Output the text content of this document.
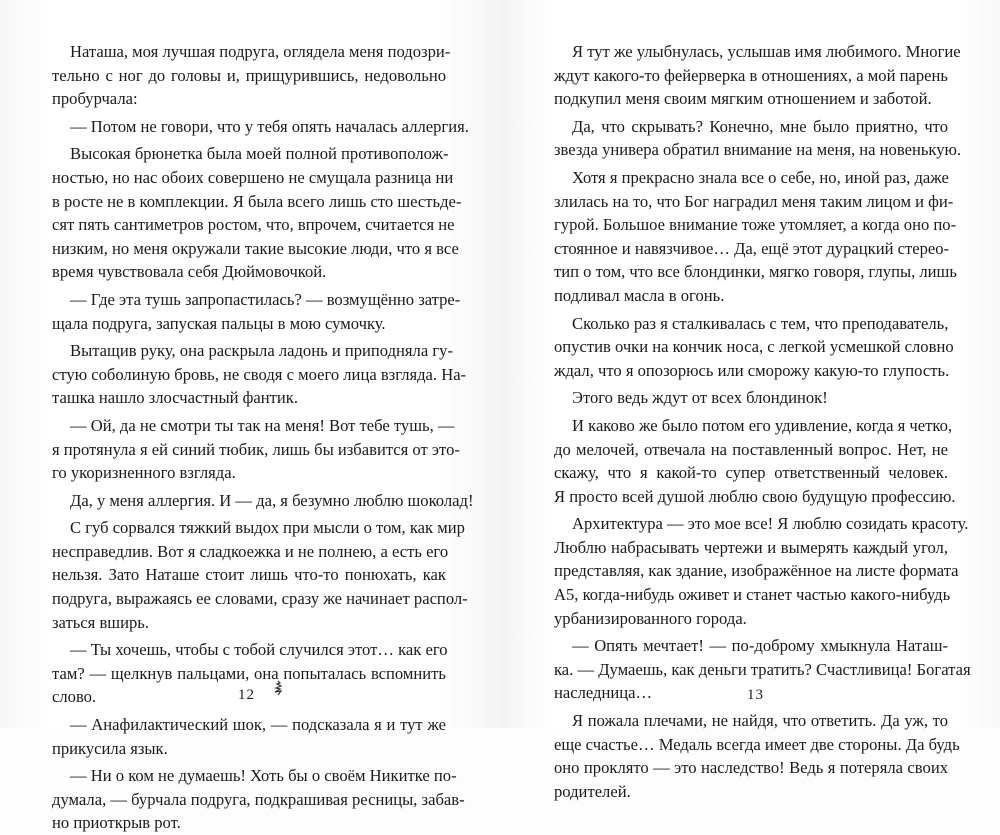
Наташа, моя лучшая подруга, оглядела меня подозри-
тельно с ног до головы и, прищурившись, недовольно
пробурчала:
— Потом не говори, что у тебя опять началась аллергия.
Высокая брюнетка была моей полной противополож-
ностью, но нас обоих совершено не смущала разница ни
в росте не в комплекции. Я была всего лишь сто шестьде-
сят пять сантиметров ростом, что, впрочем, считается не
низким, но меня окружали такие высокие люди, что я все
время чувствовала себя Дюймовочкой.
— Где эта тушь запропастилась? — возмущённо затре-
щала подруга, запуская пальцы в мою сумочку.
Вытащив руку, она раскрыла ладонь и приподняла гу-
стую соболиную бровь, не сводя с моего лица взгляда. На-
ташка нашло злосчастный фантик.
— Ой, да не смотри ты так на меня! Вот тебе тушь, —
я протянула я ей синий тюбик, лишь бы избавится от это-
го укоризненного взгляда.
Да, у меня аллергия. И — да, я безумно люблю шоколад!
С губ сорвался тяжкий выдох при мысли о том, как мир
несправедлив. Вот я сладкоежка и не полнею, а есть его
нельзя. Зато Наташе стоит лишь что-то понюхать, как
подруга, выражаясь ее словами, сразу же начинает распол-
заться вширь.
— Ты хочешь, чтобы с тобой случился этот… как его
там? — щелкнув пальцами, она попыталась вспомнить
слово.
— Анафилактический шок, — подсказала я и тут же
прикусила язык.
— Ни о ком не думаешь! Хоть бы о своём Никитке по-
думала, — бурчала подруга, подкрашивая ресницы, забав-
но приоткрыв рот.
12
Я тут же улыбнулась, услышав имя любимого. Многие
ждут какого-то фейерверка в отношениях, а мой парень
подкупил меня своим мягким отношением и заботой.
Да, что скрывать? Конечно, мне было приятно, что
звезда универа обратил внимание на меня, на новенькую.
Хотя я прекрасно знала все о себе, но, иной раз, даже
злилась на то, что Бог наградил меня таким лицом и фи-
гурой. Большое внимание тоже утомляет, а когда оно по-
стоянное и навязчивое… Да, ещё этот дурацкий стерео-
тип о том, что все блондинки, мягко говоря, глупы, лишь
подливал масла в огонь.
Сколько раз я сталкивалась с тем, что преподаватель,
опустив очки на кончик носа, с легкой усмешкой словно
ждал, что я опозорюсь или сморожу какую-то глупость.
Этого ведь ждут от всех блондинок!
И каково же было потом его удивление, когда я четко,
до мелочей, отвечала на поставленный вопрос. Нет, не
скажу, что я какой-то супер ответственный человек.
Я просто всей душой люблю свою будущую профессию.
Архитектура — это мое все! Я люблю созидать красоту.
Люблю набрасывать чертежи и вымерять каждый угол,
представляя, как здание, изображённое на листе формата
А5, когда-нибудь оживет и станет частью какого-нибудь
урбанизированного города.
— Опять мечтает! — по-доброму хмыкнула Наташ-
ка. — Думаешь, как деньги тратить? Счастливица! Богатая
наследница…
Я пожала плечами, не найдя, что ответить. Да уж, то
еще счастье… Медаль всегда имеет две стороны. Да будь
оно проклято — это наследство! Ведь я потеряла своих
родителей.
13
